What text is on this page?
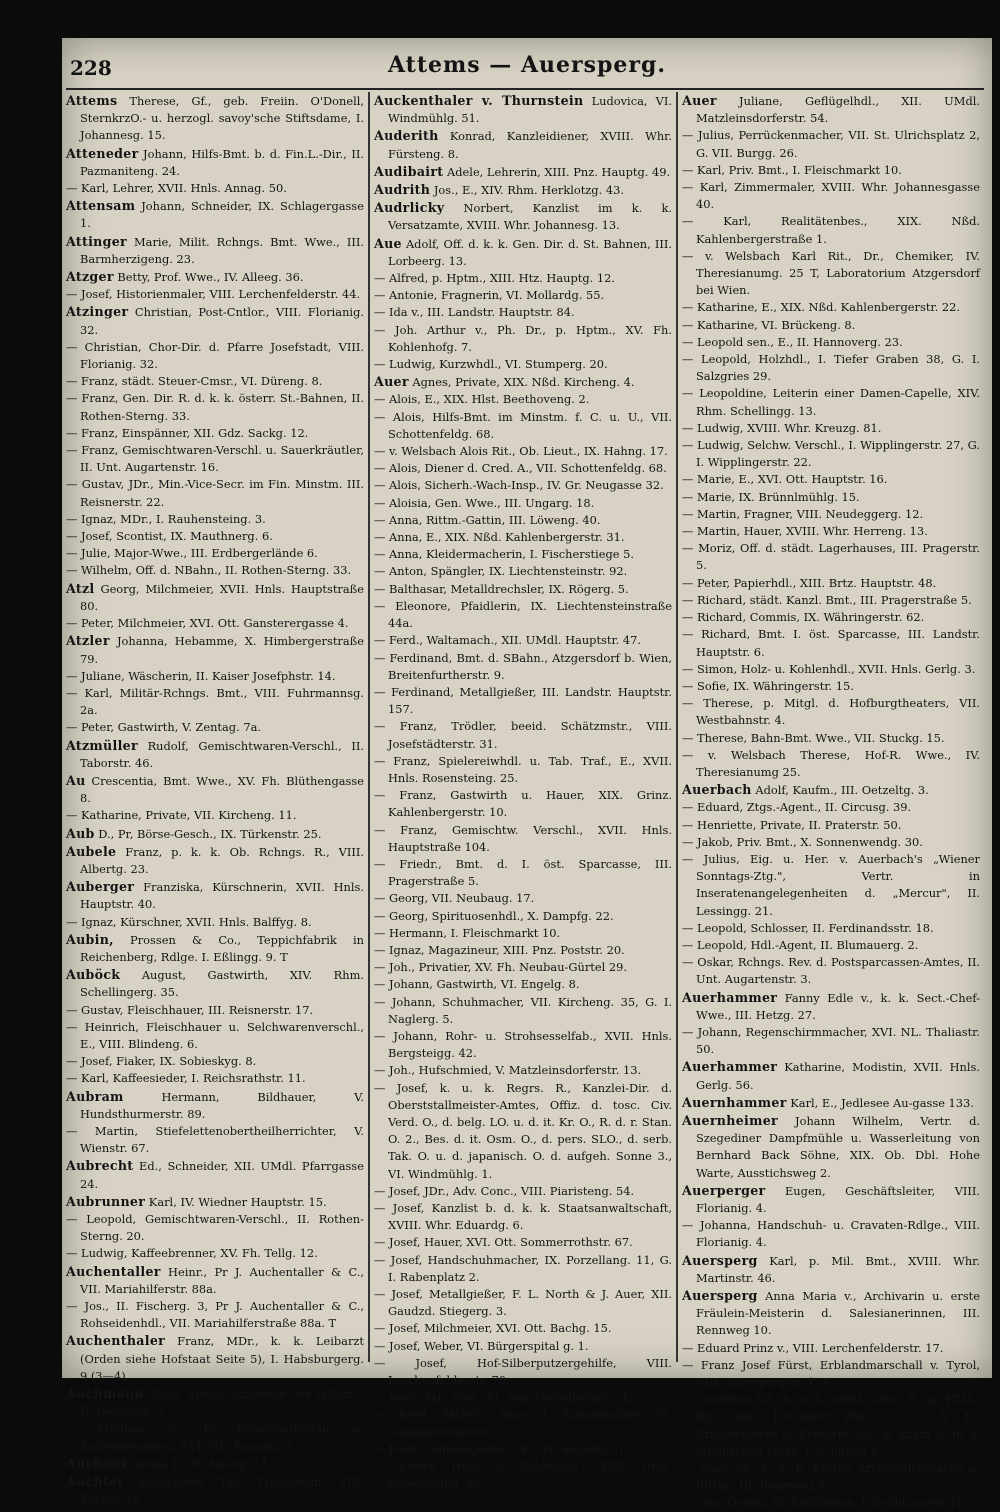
228	Attems — Auersperg.

Attems Therese, Gf., geb. Freiin. O'Donell, SternkrzO.- u. herzogl. savoy'sche Stiftsdame, I. Johannesg. 15.

Atteneder Johann, Hilfs-Bmt. b. d. Fin.L.-Dir., II. Pazmaniteng. 24.

— Karl, Lehrer, XVII. Hnls. Annag. 50.

Attensam Johann, Schneider, IX. Schlagergasse 1.

Attinger Marie, Milit. Rchngs. Bmt. Wwe., III. Barmherzigeng. 23.

Atzger Betty, Prof. Wwe., IV. Alleeg. 36.

— Josef, Historienmaler, VIII. Lerchenfelderstr. 44.

Atzinger Christian, Post-Cntlor., VIII. Florianig. 32.

— Christian, Chor-Dir. d. Pfarre Josefstadt, VIII. Florianig. 32.

— Franz, städt. Steuer-Cmsr., VI. Düreng. 8.

— Franz, Gen. Dir. R. d. k. k. österr. St.-Bahnen, II. Rothen-Sterng. 33.

— Franz, Einspänner, XII. Gdz. Sackg. 12.

— Franz, Gemischtwaren-Verschl. u. Sauerkräutler, II. Unt. Augartenstr. 16.

— Gustav, JDr., Min.-Vice-Secr. im Fin. Minstm. III. Reisnerstr. 22.

— Ignaz, MDr., I. Rauhensteing. 3.

— Josef, Scontist, IX. Mauthnerg. 6.

— Julie, Major-Wwe., III. Erdbergerlände 6.

— Wilhelm, Off. d. NBahn., II. Rothen-Sterng. 33.

Atzl Georg, Milchmeier, XVII. Hnls. Hauptstraße 80.

— Peter, Milchmeier, XVI. Ott. Gansterergasse 4.

Atzler Johanna, Hebamme, X. Himbergerstraße 79.

— Juliane, Wäscherin, II. Kaiser Josefphstr. 14.

— Karl, Militär-Rchngs. Bmt., VIII. Fuhrmannsg. 2a.

— Peter, Gastwirth, V. Zentag. 7a.

Atzmüller Rudolf, Gemischtwaren-Verschl., II. Taborstr. 46.

Au Crescentia, Bmt. Wwe., XV. Fh. Blüthengasse 8.

— Katharine, Private, VII. Kircheng. 11.

Aub D., Pr, Börse-Gesch., IX. Türkenstr. 25.

Aubele Franz, p. k. k. Ob. Rchngs. R., VIII. Albertg. 23.

Auberger Franziska, Kürschnerin, XVII. Hnls. Hauptstr. 40.

— Ignaz, Kürschner, XVII. Hnls. Balffyg. 8.

Aubin, Prossen & Co., Teppichfabrik in Reichenberg, Rdlge. I. Eßlingg. 9. T

Auböck August, Gastwirth, XIV. Rhm. Schellingerg. 35.

— Gustav, Fleischhauer, III. Reisnerstr. 17.

— Heinrich, Fleischhauer u. Selchwarenverschl., E., VIII. Blindeng. 6.

— Josef, Fiaker, IX. Sobieskyg. 8.

— Karl, Kaffeesieder, I. Reichsrathstr. 11.

Aubram Hermann, Bildhauer, V. Hundsthurmerstr. 89.

— Martin, Stiefelettenobertheilherrichter, V. Wienstr. 67.

Aubrecht Ed., Schneider, XII. UMdl. Pfarrgasse 24.

Aubrunner Karl, IV. Wiedner Hauptstr. 15.

— Leopold, Gemischtwaren-Verschl., II. Rothen-Sterng. 20.

— Ludwig, Kaffeebrenner, XV. Fh. Tellg. 12.

Auchentaller Heinr., Pr J. Auchentaller & C., VII. Mariahilferstr. 88a.

— Jos., II. Fischerg. 3, Pr J. Auchentaller & C., Rohseidenhdl., VII. Mariahilferstraße 88a. T

Auchenthaler Franz, MDr., k. k. Leibarzt (Orden siehe Hofstaat Seite 5), I. Habsburgerg. 9 (3—4).

Auchmann Alois, Megaz.-Aufseher der NBahn., II. Lessingg. 3.

— Mathias, E., Pr Feigenkaffeefab. u. Kaffeebrennerei, XVI. NL. Koppstr. 3.

Auchner Anton, E., IV. Mostg. 11.

Auchter Magdalene, Tab. Trafikantin, VIII. Tigerg. 18.

Auckenthaler v. Thurnstein Ludovica, VI. Windmühlg. 51.

Auderith Konrad, Kanzleidiener, XVIII. Whr. Fürsteng. 8.

Audibairt Adele, Lehrerin, XIII. Pnz. Hauptg. 49.

Audrith Jos., E., XIV. Rhm. Herklotzg. 43.

Audrlicky Norbert, Kanzlist im k. k. Versatzamte, XVIII. Whr. Johannesg. 13.

Aue Adolf, Off. d. k. k. Gen. Dir. d. St. Bahnen, III. Lorbeerg. 13.

— Alfred, p. Hptm., XIII. Htz. Hauptg. 12.

— Antonie, Fragnerin, VI. Mollardg. 55.

— Ida v., III. Landstr. Hauptstr. 84.

— Joh. Arthur v., Ph. Dr., p. Hptm., XV. Fh. Kohlenhofg. 7.

— Ludwig, Kurzwhdl., VI. Stumperg. 20.

Auer Agnes, Private, XIX. Nßd. Kircheng. 4.

— Alois, E., XIX. Hlst. Beethoveng. 2.

— Alois, Hilfs-Bmt. im Minstm. f. C. u. U., VII. Schottenfeldg. 68.

— v. Welsbach Alois Rit., Ob. Lieut., IX. Hahng. 17.

— Alois, Diener d. Cred. A., VII. Schottenfeldg. 68.

— Alois, Sicherh.-Wach-Insp., IV. Gr. Neugasse 32.

— Aloisia, Gen. Wwe., III. Ungarg. 18.

— Anna, Rittm.-Gattin, III. Löweng. 40.

— Anna, E., XIX. Nßd. Kahlenbergerstr. 31.

— Anna, Kleidermacherin, I. Fischerstiege 5.

— Anton, Spängler, IX. Liechtensteinstr. 92.

— Balthasar, Metalldrechsler, IX. Rögerg. 5.

— Eleonore, Pfaidlerin, IX. Liechtensteinstraße 44a.

— Ferd., Waltamach., XII. UMdl. Hauptstr. 47.

— Ferdinand, Bmt. d. SBahn., Atzgersdorf b. Wien, Breitenfurtherstr. 9.

— Ferdinand, Metallgießer, III. Landstr. Hauptstr. 157.

— Franz, Trödler, beeid. Schätzmstr., VIII. Josefstädterstr. 31.

— Franz, Spielereiwhdl. u. Tab. Traf., E., XVII. Hnls. Rosensteing. 25.

— Franz, Gastwirth u. Hauer, XIX. Grinz. Kahlenbergerstr. 10.

— Franz, Gemischtw. Verschl., XVII. Hnls. Hauptstraße 104.

— Friedr., Bmt. d. I. öst. Sparcasse, III. Pragerstraße 5.

— Georg, VII. Neubaug. 17.

— Georg, Spirituosenhdl., X. Dampfg. 22.

— Hermann, I. Fleischmarkt 10.

— Ignaz, Magazineur, XIII. Pnz. Poststr. 20.

— Joh., Privatier, XV. Fh. Neubau-Gürtel 29.

— Johann, Gastwirth, VI. Engelg. 8.

— Johann, Schuhmacher, VII. Kircheng. 35, G. I. Naglerg. 5.

— Johann, Rohr- u. Strohsesselfab., XVII. Hnls. Bergsteigg. 42.

— Joh., Hufschmied, V. Matzleinsdorferstr. 13.

— Josef, k. u. k. Regrs. R., Kanzlei-Dir. d. Oberststallmeister-Amtes, Offiz. d. tosc. Civ. Verd. O., d. belg. LO. u. d. it. Kr. O., R. d. r. Stan. O. 2., Bes. d. it. Osm. O., d. pers. SLO., d. serb. Tak. O. u. d. japanisch. O. d. aufgeh. Sonne 3., VI. Windmühlg. 1.

— Josef, JDr., Adv. Conc., VIII. Piaristeng. 54.

— Josef, Kanzlist b. d. k. k. Staatsanwaltschaft, XVIII. Whr. Eduardg. 6.

— Josef, Hauer, XVI. Ott. Sommerrothstr. 67.

— Josef, Handschuhmacher, IX. Porzellang. 11, G. I. Rabenplatz 2.

— Josef, Metallgießer, F. L. North & J. Auer, XII. Gaudzd. Stiegerg. 3.

— Josef, Milchmeier, XVI. Ott. Bachg. 15.

— Josef, Weber, VI. Bürgerspital g. 1.

— Josef, Hof-Silberputzergehilfe, VIII. Lerchenfelderstr. 70.

— Josef, Tab. Traf., XI. Sim. Geiselbergstr. 42.

— Josef, Möbel-, Bau- u. Kunsttischler, VI. Gumpendorferstr. 15.

— Josef, Lohnwagenbes., E., VI. Aegidig. 10.

— Josefa, Holz- u. Kohlenhdl., XVII. Hnls. Rosensteing. 25.

Auer Juliane, Geflügelhdl., XII. UMdl. Matzleinsdorferstr. 54.

— Julius, Perrückenmacher, VII. St. Ulrichsplatz 2, G. VII. Burgg. 26.

— Karl, Priv. Bmt., I. Fleischmarkt 10.

— Karl, Zimmermaler, XVIII. Whr. Johannesgasse 40.

— Karl, Realitätenbes., XIX. Nßd. Kahlenbergerstraße 1.

— v. Welsbach Karl Rit., Dr., Chemiker, IV. Theresianumg. 25 T, Laboratorium Atzgersdorf bei Wien.

— Katharine, E., XIX. Nßd. Kahlenbergerstr. 22.

— Katharine, VI. Brückeng. 8.

— Leopold sen., E., II. Hannoverg. 23.

— Leopold, Holzhdl., I. Tiefer Graben 38, G. I. Salzgries 29.

— Leopoldine, Leiterin einer Damen-Capelle, XIV. Rhm. Schellingg. 13.

— Ludwig, XVIII. Whr. Kreuzg. 81.

— Ludwig, Selchw. Verschl., I. Wipplingerstr. 27, G. I. Wipplingerstr. 22.

— Marie, E., XVI. Ott. Hauptstr. 16.

— Marie, IX. Brünnlmühlg. 15.

— Martin, Fragner, VIII. Neudeggerg. 12.

— Martin, Hauer, XVIII. Whr. Herreng. 13.

— Moriz, Off. d. städt. Lagerhauses, III. Pragerstr. 5.

— Peter, Papierhdl., XIII. Brtz. Hauptstr. 48.

— Richard, städt. Kanzl. Bmt., III. Pragerstraße 5.

— Richard, Commis, IX. Währingerstr. 62.

— Richard, Bmt. I. öst. Sparcasse, III. Landstr. Hauptstr. 6.

— Simon, Holz- u. Kohlenhdl., XVII. Hnls. Gerlg. 3.

— Sofie, IX. Währingerstr. 15.

— Therese, p. Mitgl. d. Hofburgtheaters, VII. Westbahnstr. 4.

— Therese, Bahn-Bmt. Wwe., VII. Stuckg. 15.

— v. Welsbach Therese, Hof-R. Wwe., IV. Theresianumg 25.

Auerbach Adolf, Kaufm., III. Oetzeltg. 3.

— Eduard, Ztgs.-Agent., II. Circusg. 39.

— Henriette, Private, II. Praterstr. 50.

— Jakob, Priv. Bmt., X. Sonnenwendg. 30.

— Julius, Eig. u. Her. v. Auerbach's „Wiener Sonntags-Ztg.", Vertr. in Inseratenangelegenheiten d. „Mercur", II. Lessingg. 21.

— Leopold, Schlosser, II. Ferdinandsstr. 18.

— Leopold, Hdl.-Agent, II. Blumauerg. 2.

— Oskar, Rchngs. Rev. d. Postsparcassen-Amtes, II. Unt. Augartenstr. 3.

Auerhammer Fanny Edle v., k. k. Sect.-Chef-Wwe., III. Hetzg. 27.

— Johann, Regenschirmmacher, XVI. NL. Thaliastr. 50.

Auerhammer Katharine, Modistin, XVII. Hnls. Gerlg. 56.

Auernhammer Karl, E., Jedlesee Au-gasse 133.

Auernheimer Johann Wilhelm, Vertr. d. Szegediner Dampfmühle u. Wasserleitung von Bernhard Back Söhne, XIX. Ob. Dbl. Hohe Warte, Ausstichsweg 2.

Auerperger Eugen, Geschäftsleiter, VIII. Florianig. 4.

— Johanna, Handschuh- u. Cravaten-Rdlge., VIII. Florianig. 4.

Auersperg Karl, p. Mil. Bmt., XVIII. Whr. Martinstr. 46.

Auersperg Anna Maria v., Archivarin u. erste Fräulein-Meisterin d. Salesianerinnen, III. Rennweg 10.

— Eduard Prinz v., VIII. Lerchenfelderstr. 17.

— Franz Josef Fürst, Erblandmarschall v. Tyrol, VIII. Auerspergstr. 1. T

— Gottfried Gf., k. u. k. wirkl. Ghm. R., p. FZM., Rgt. Inh., LOComdr. (RD.), 2., i. V. K., Erbkämmerer u. Erbmarschall in Krain u. in d. Windischen Mark, I. Schulhof 6.

— Josef Gf., k. u. k. Ersten Arcierenleibgarde u. Rittm., III. Rennweg 3.

— Olga Gräfin, St. KrzODame, I. Zedlitzgasse 11.
